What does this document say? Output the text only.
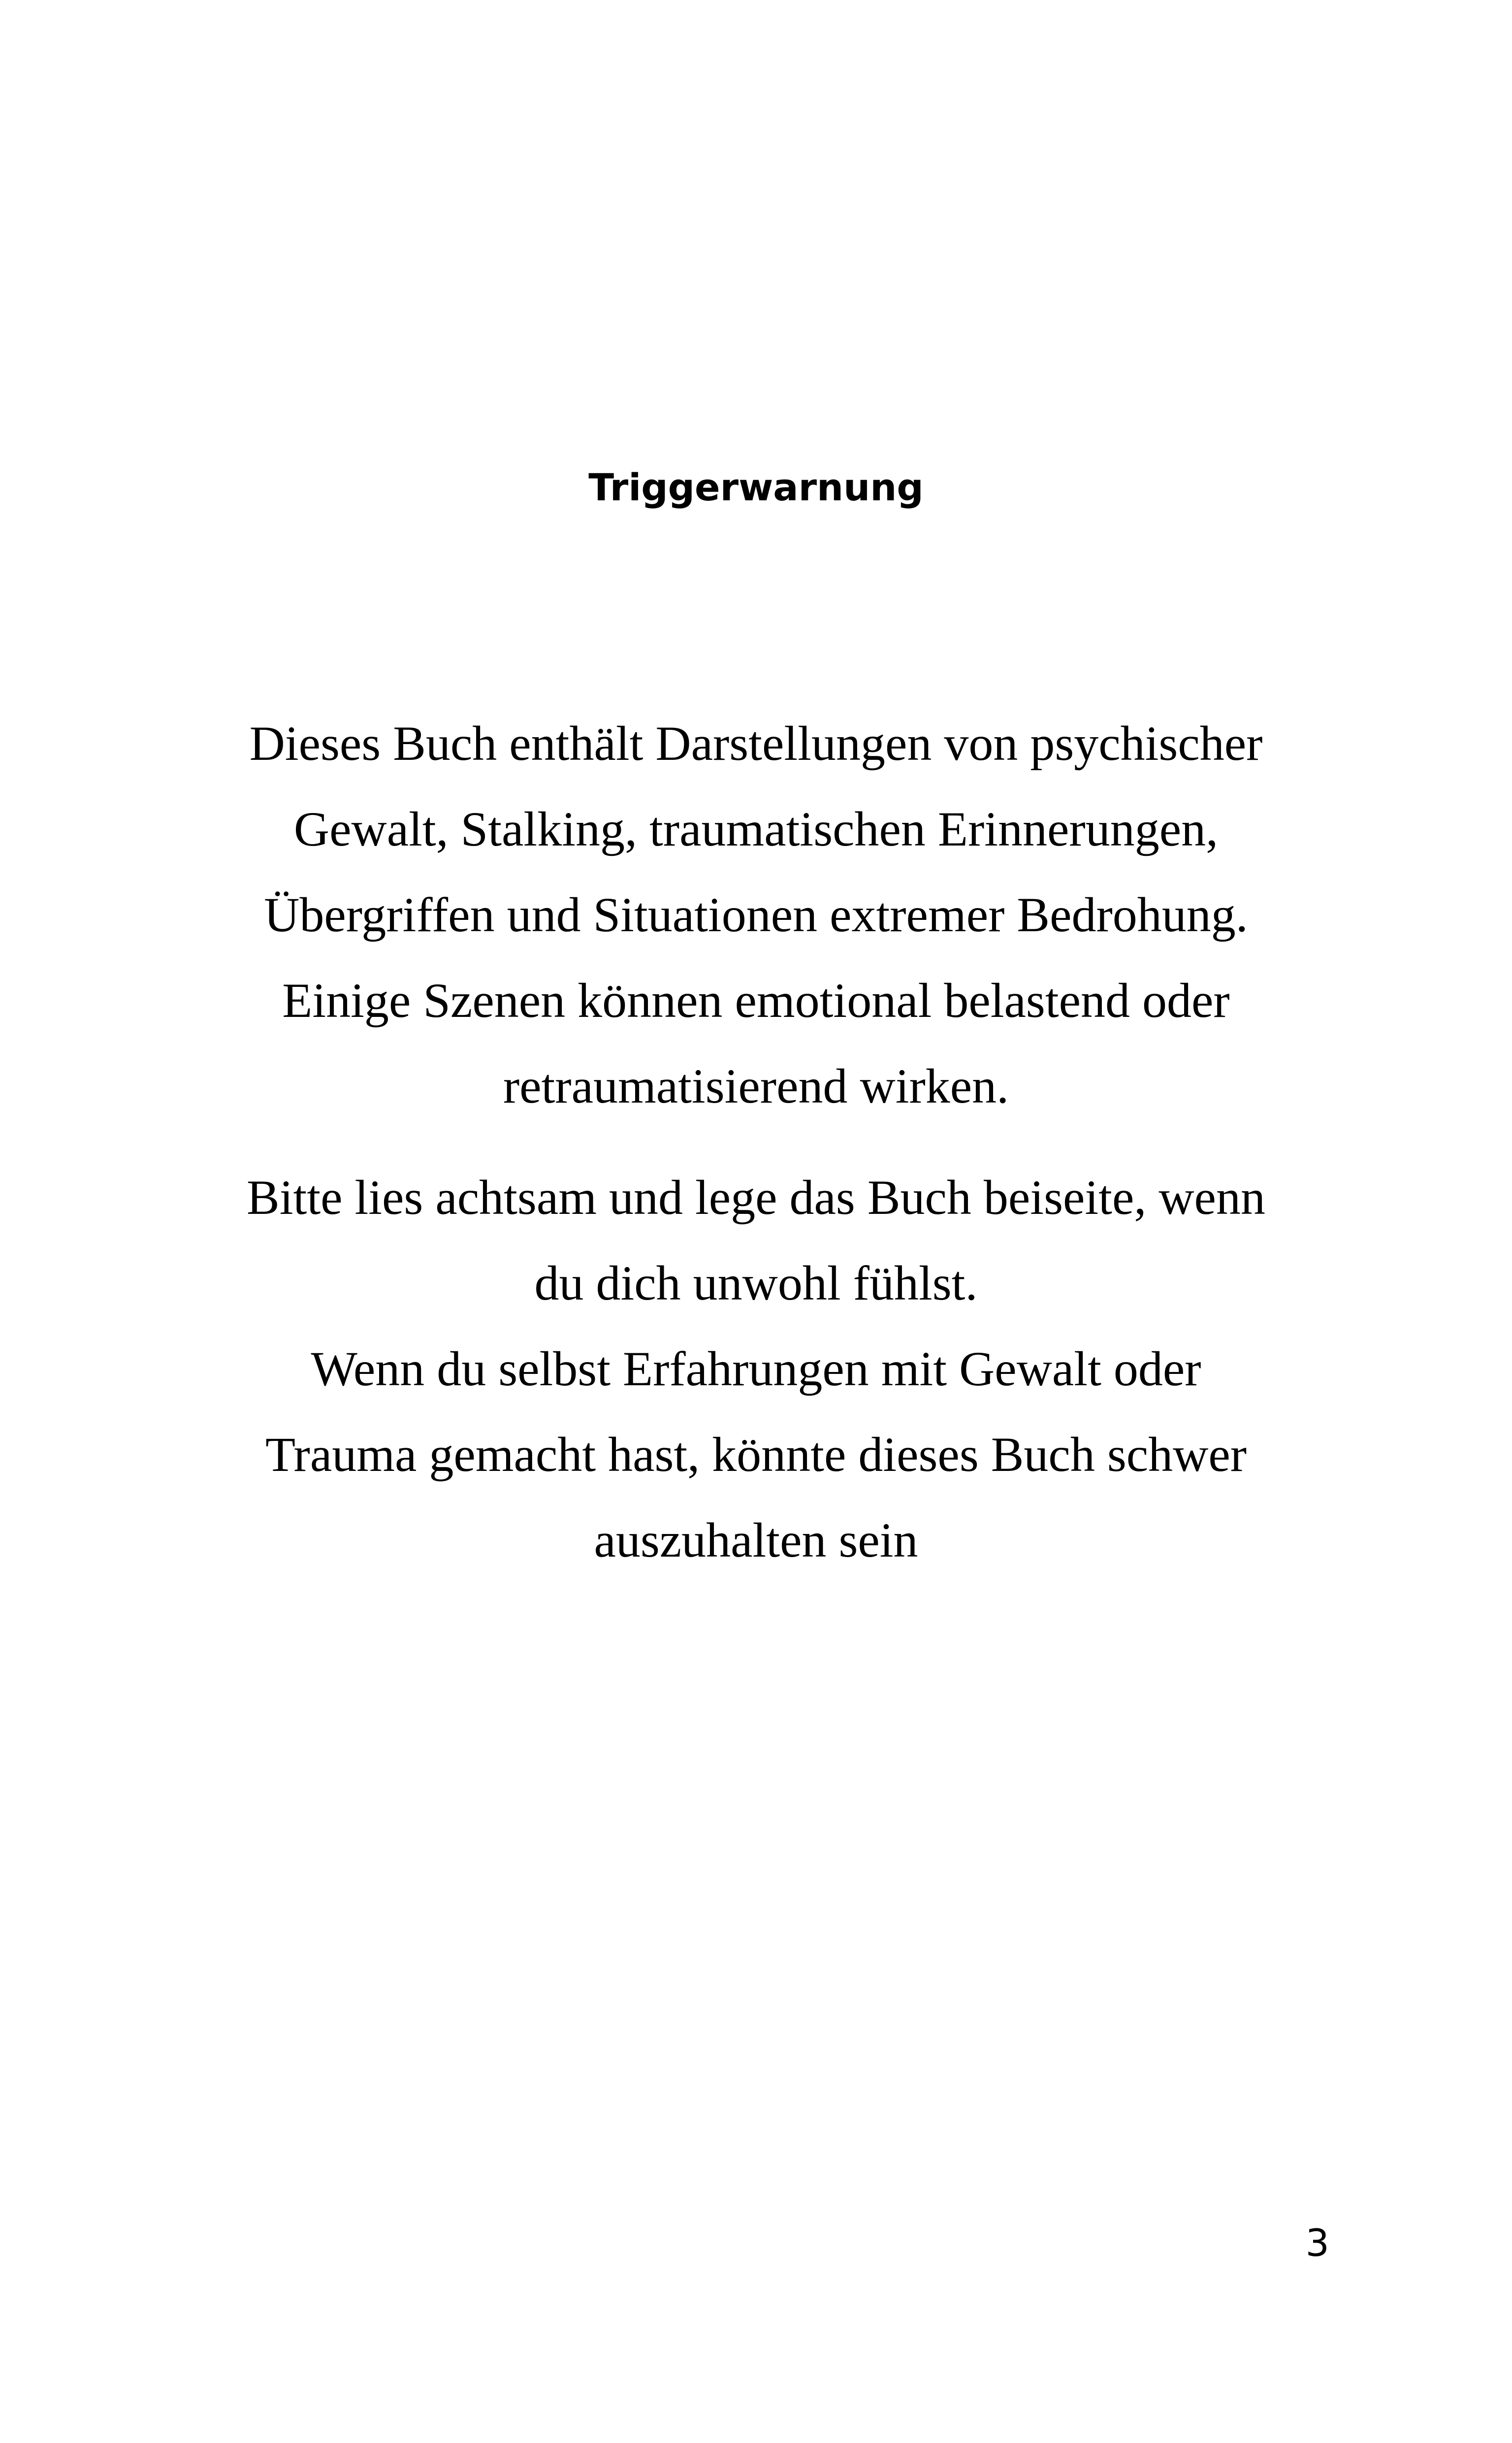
Triggerwarnung

Dieses Buch enthält Darstellungen von psychischer

Gewalt, Stalking, traumatischen Erinnerungen,

Übergriffen und Situationen extremer Bedrohung.

Einige Szenen können emotional belastend oder

retraumatisierend wirken.

Bitte lies achtsam und lege das Buch beiseite, wenn

du dich unwohl fühlst.

Wenn du selbst Erfahrungen mit Gewalt oder

Trauma gemacht hast, könnte dieses Buch schwer

auszuhalten sein

3
